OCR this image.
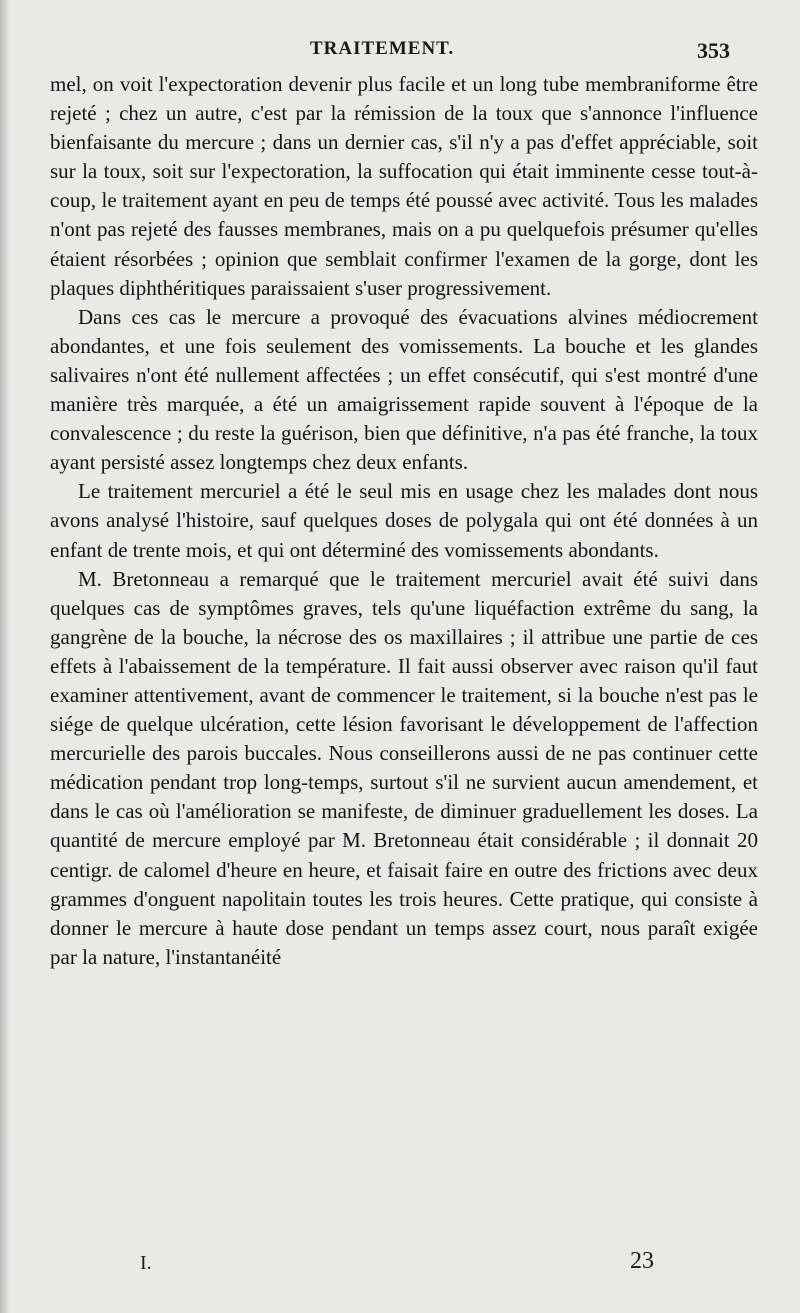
TRAITEMENT.	353

mel, on voit l'expectoration devenir plus facile et un long tube membraniforme être rejeté ; chez un autre, c'est par la rémission de la toux que s'annonce l'influence bienfaisante du mercure ; dans un dernier cas, s'il n'y a pas d'effet appréciable, soit sur la toux, soit sur l'expectoration, la suffocation qui était imminente cesse tout-à-coup, le traitement ayant en peu de temps été poussé avec activité. Tous les malades n'ont pas rejeté des fausses membranes, mais on a pu quelquefois présumer qu'elles étaient résorbées ; opinion que semblait confirmer l'examen de la gorge, dont les plaques diphthéritiques paraissaient s'user progressivement.

Dans ces cas le mercure a provoqué des évacuations alvines médiocrement abondantes, et une fois seulement des vomissements. La bouche et les glandes salivaires n'ont été nullement affectées ; un effet consécutif, qui s'est montré d'une manière très marquée, a été un amaigrissement rapide souvent à l'époque de la convalescence ; du reste la guérison, bien que définitive, n'a pas été franche, la toux ayant persisté assez longtemps chez deux enfants.

Le traitement mercuriel a été le seul mis en usage chez les malades dont nous avons analysé l'histoire, sauf quelques doses de polygala qui ont été données à un enfant de trente mois, et qui ont déterminé des vomissements abondants.

M. Bretonneau a remarqué que le traitement mercuriel avait été suivi dans quelques cas de symptômes graves, tels qu'une liquéfaction extrême du sang, la gangrène de la bouche, la nécrose des os maxillaires ; il attribue une partie de ces effets à l'abaissement de la température. Il fait aussi observer avec raison qu'il faut examiner attentivement, avant de commencer le traitement, si la bouche n'est pas le siége de quelque ulcération, cette lésion favorisant le développement de l'affection mercurielle des parois buccales. Nous conseillerons aussi de ne pas continuer cette médication pendant trop long-temps, surtout s'il ne survient aucun amendement, et dans le cas où l'amélioration se manifeste, de diminuer graduellement les doses. La quantité de mercure employé par M. Bretonneau était considérable ; il donnait 20 centigr. de calomel d'heure en heure, et faisait faire en outre des frictions avec deux grammes d'onguent napolitain toutes les trois heures. Cette pratique, qui consiste à donner le mercure à haute dose pendant un temps assez court, nous paraît exigée par la nature, l'instantanéité

I.	23
